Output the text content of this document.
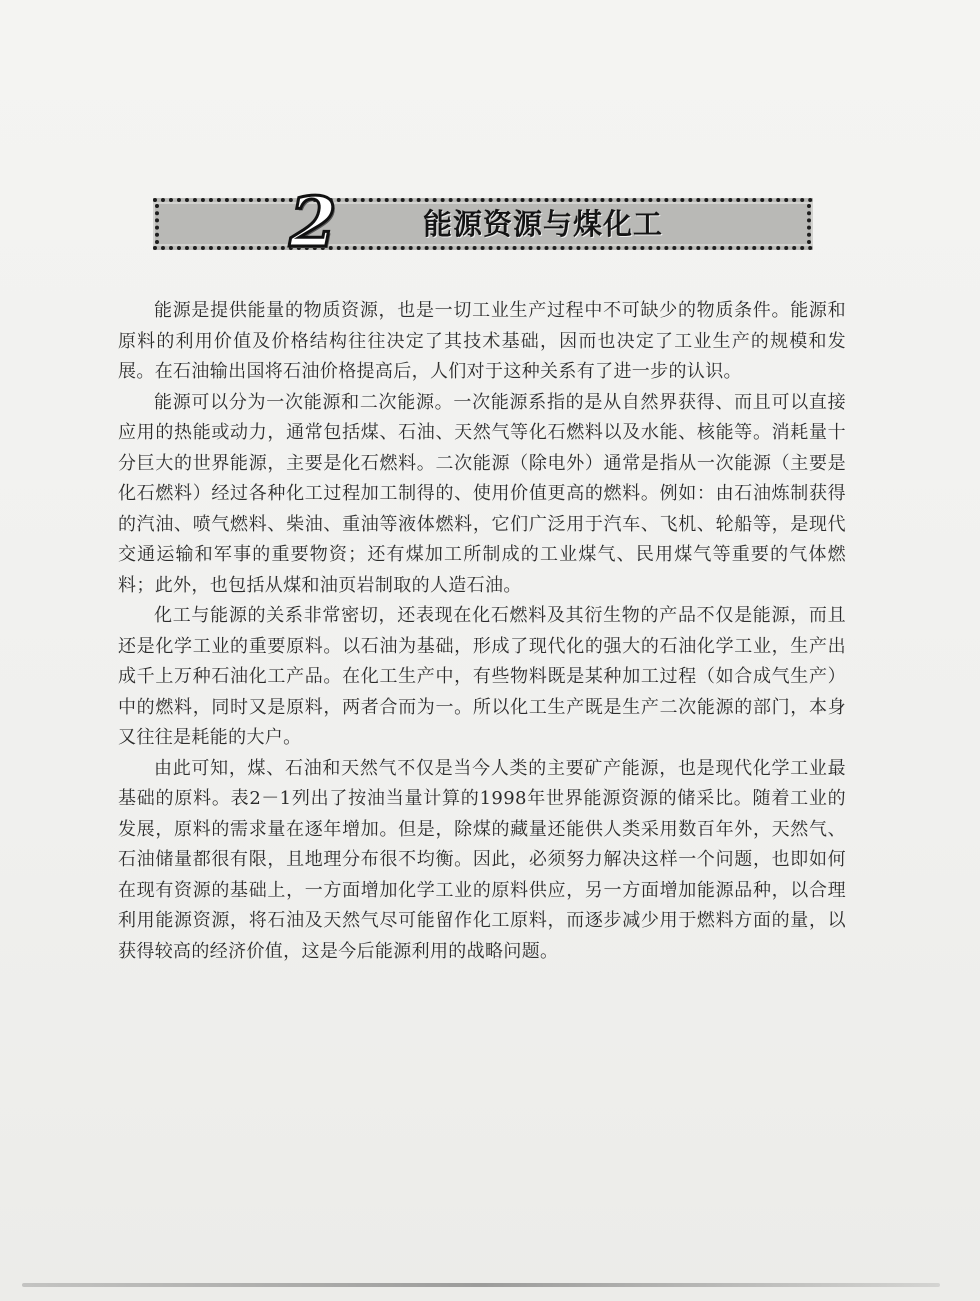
2	能源资源与煤化工

能源是提供能量的物质资源，也是一切工业生产过程中不可缺少的物质条件。能源和原料的利用价值及价格结构往往决定了其技术基础，因而也决定了工业生产的规模和发展。在石油输出国将石油价格提高后，人们对于这种关系有了进一步的认识。

能源可以分为一次能源和二次能源。一次能源系指的是从自然界获得、而且可以直接应用的热能或动力，通常包括煤、石油、天然气等化石燃料以及水能、核能等。消耗量十分巨大的世界能源，主要是化石燃料。二次能源（除电外）通常是指从一次能源（主要是化石燃料）经过各种化工过程加工制得的、使用价值更高的燃料。例如：由石油炼制获得的汽油、喷气燃料、柴油、重油等液体燃料，它们广泛用于汽车、飞机、轮船等，是现代交通运输和军事的重要物资；还有煤加工所制成的工业煤气、民用煤气等重要的气体燃料；此外，也包括从煤和油页岩制取的人造石油。

化工与能源的关系非常密切，还表现在化石燃料及其衍生物的产品不仅是能源，而且还是化学工业的重要原料。以石油为基础，形成了现代化的强大的石油化学工业，生产出成千上万种石油化工产品。在化工生产中，有些物料既是某种加工过程（如合成气生产）中的燃料，同时又是原料，两者合而为一。所以化工生产既是生产二次能源的部门，本身又往往是耗能的大户。

由此可知，煤、石油和天然气不仅是当今人类的主要矿产能源，也是现代化学工业最基础的原料。表2－1列出了按油当量计算的1998年世界能源资源的储采比。随着工业的发展，原料的需求量在逐年增加。但是，除煤的藏量还能供人类采用数百年外，天然气、石油储量都很有限，且地理分布很不均衡。因此，必须努力解决这样一个问题，也即如何在现有资源的基础上，一方面增加化学工业的原料供应，另一方面增加能源品种，以合理利用能源资源，将石油及天然气尽可能留作化工原料，而逐步减少用于燃料方面的量，以获得较高的经济价值，这是今后能源利用的战略问题。
